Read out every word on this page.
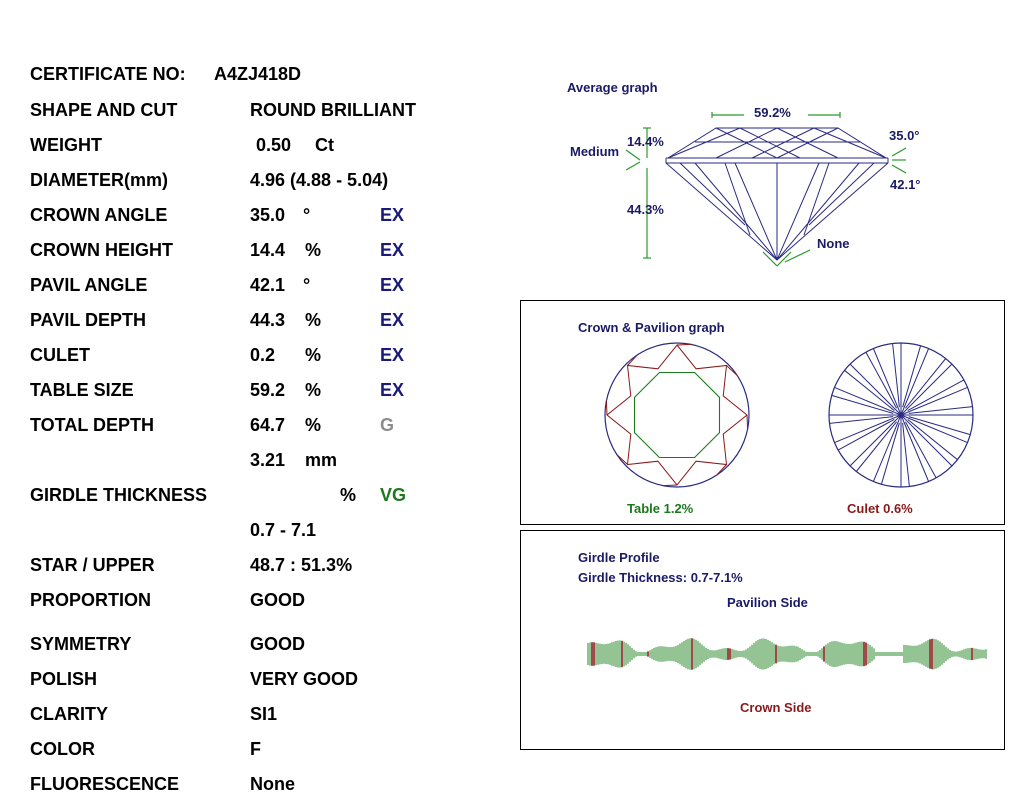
CERTIFICATE NO: A4ZJ418D
SHAPE AND CUT	ROUND BRILLIANT
WEIGHT	0.50 Ct
DIAMETER(mm)	4.96 (4.88 - 5.04)
CROWN ANGLE	35.0 °	EX
CROWN HEIGHT	14.4 %	EX
PAVIL ANGLE	42.1 °	EX
PAVIL DEPTH	44.3 %	EX
CULET	0.2 %	EX
TABLE SIZE	59.2 %	EX
TOTAL DEPTH	64.7 %	G
3.21 mm
GIRDLE THICKNESS	% VG
0.7 - 7.1
STAR / UPPER	48.7 : 51.3%
PROPORTION	GOOD
SYMMETRY	GOOD
POLISH	VERY GOOD
CLARITY	SI1
COLOR	F
FLUORESCENCE	None
Average graph
59.2%
14.4%
Medium
35.0°
42.1°
44.3%
None
Crown & Pavilion graph
Table 1.2%	Culet 0.6%
Girdle Profile
Girdle Thickness: 0.7-7.1%
Pavilion Side
Crown Side
